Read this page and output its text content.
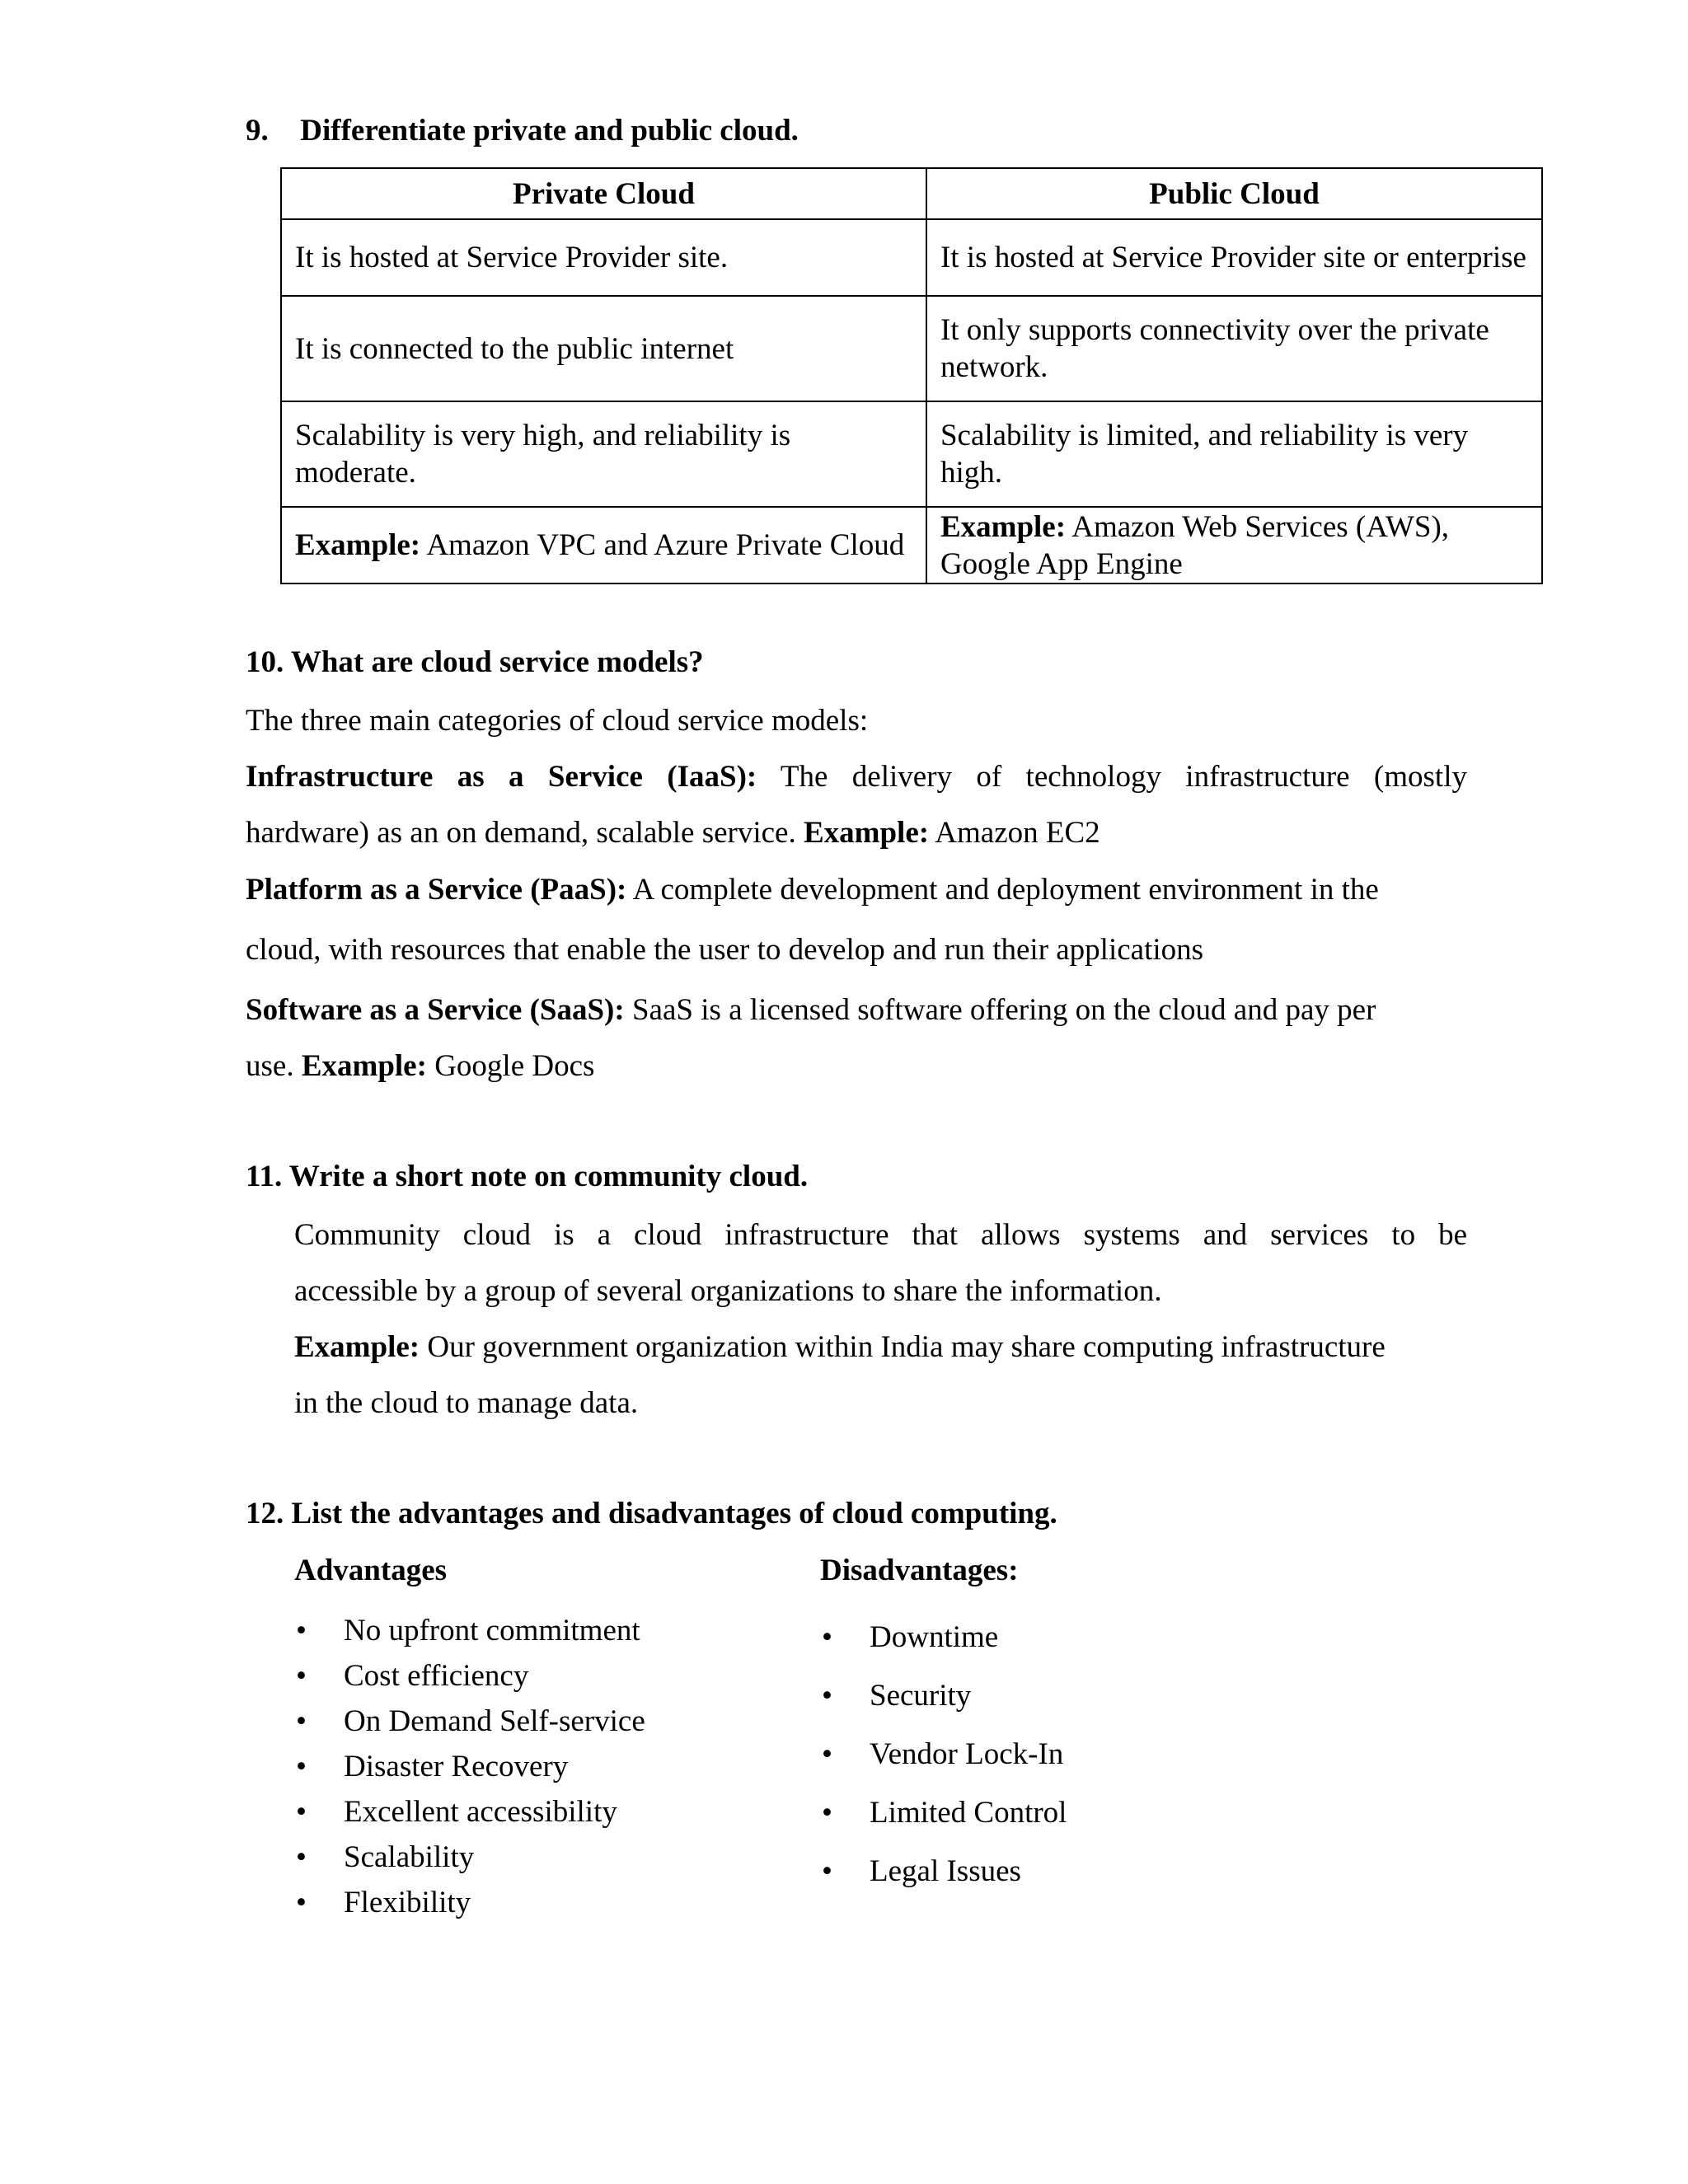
9. Differentiate private and public cloud.
Private Cloud	Public Cloud
It is hosted at Service Provider site.	It is hosted at Service Provider site or enterprise
It is connected to the public internet	It only supports connectivity over the private network.
Scalability is very high, and reliability is moderate.	Scalability is limited, and reliability is very high.
Example: Amazon VPC and Azure Private Cloud	Example: Amazon Web Services (AWS), Google App Engine
10. What are cloud service models?
The three main categories of cloud service models:
Infrastructure as a Service (IaaS): The delivery of technology infrastructure (mostly
hardware) as an on demand, scalable service. Example: Amazon EC2
Platform as a Service (PaaS): A complete development and deployment environment in the
cloud, with resources that enable the user to develop and run their applications
Software as a Service (SaaS): SaaS is a licensed software offering on the cloud and pay per
use. Example: Google Docs
11. Write a short note on community cloud.
Community cloud is a cloud infrastructure that allows systems and services to be
accessible by a group of several organizations to share the information.
Example: Our government organization within India may share computing infrastructure
in the cloud to manage data.
12. List the advantages and disadvantages of cloud computing.
Advantages	Disadvantages:
• No upfront commitment
• Cost efficiency
• On Demand Self-service
• Disaster Recovery
• Excellent accessibility
• Scalability
• Flexibility
• Downtime
• Security
• Vendor Lock-In
• Limited Control
• Legal Issues
